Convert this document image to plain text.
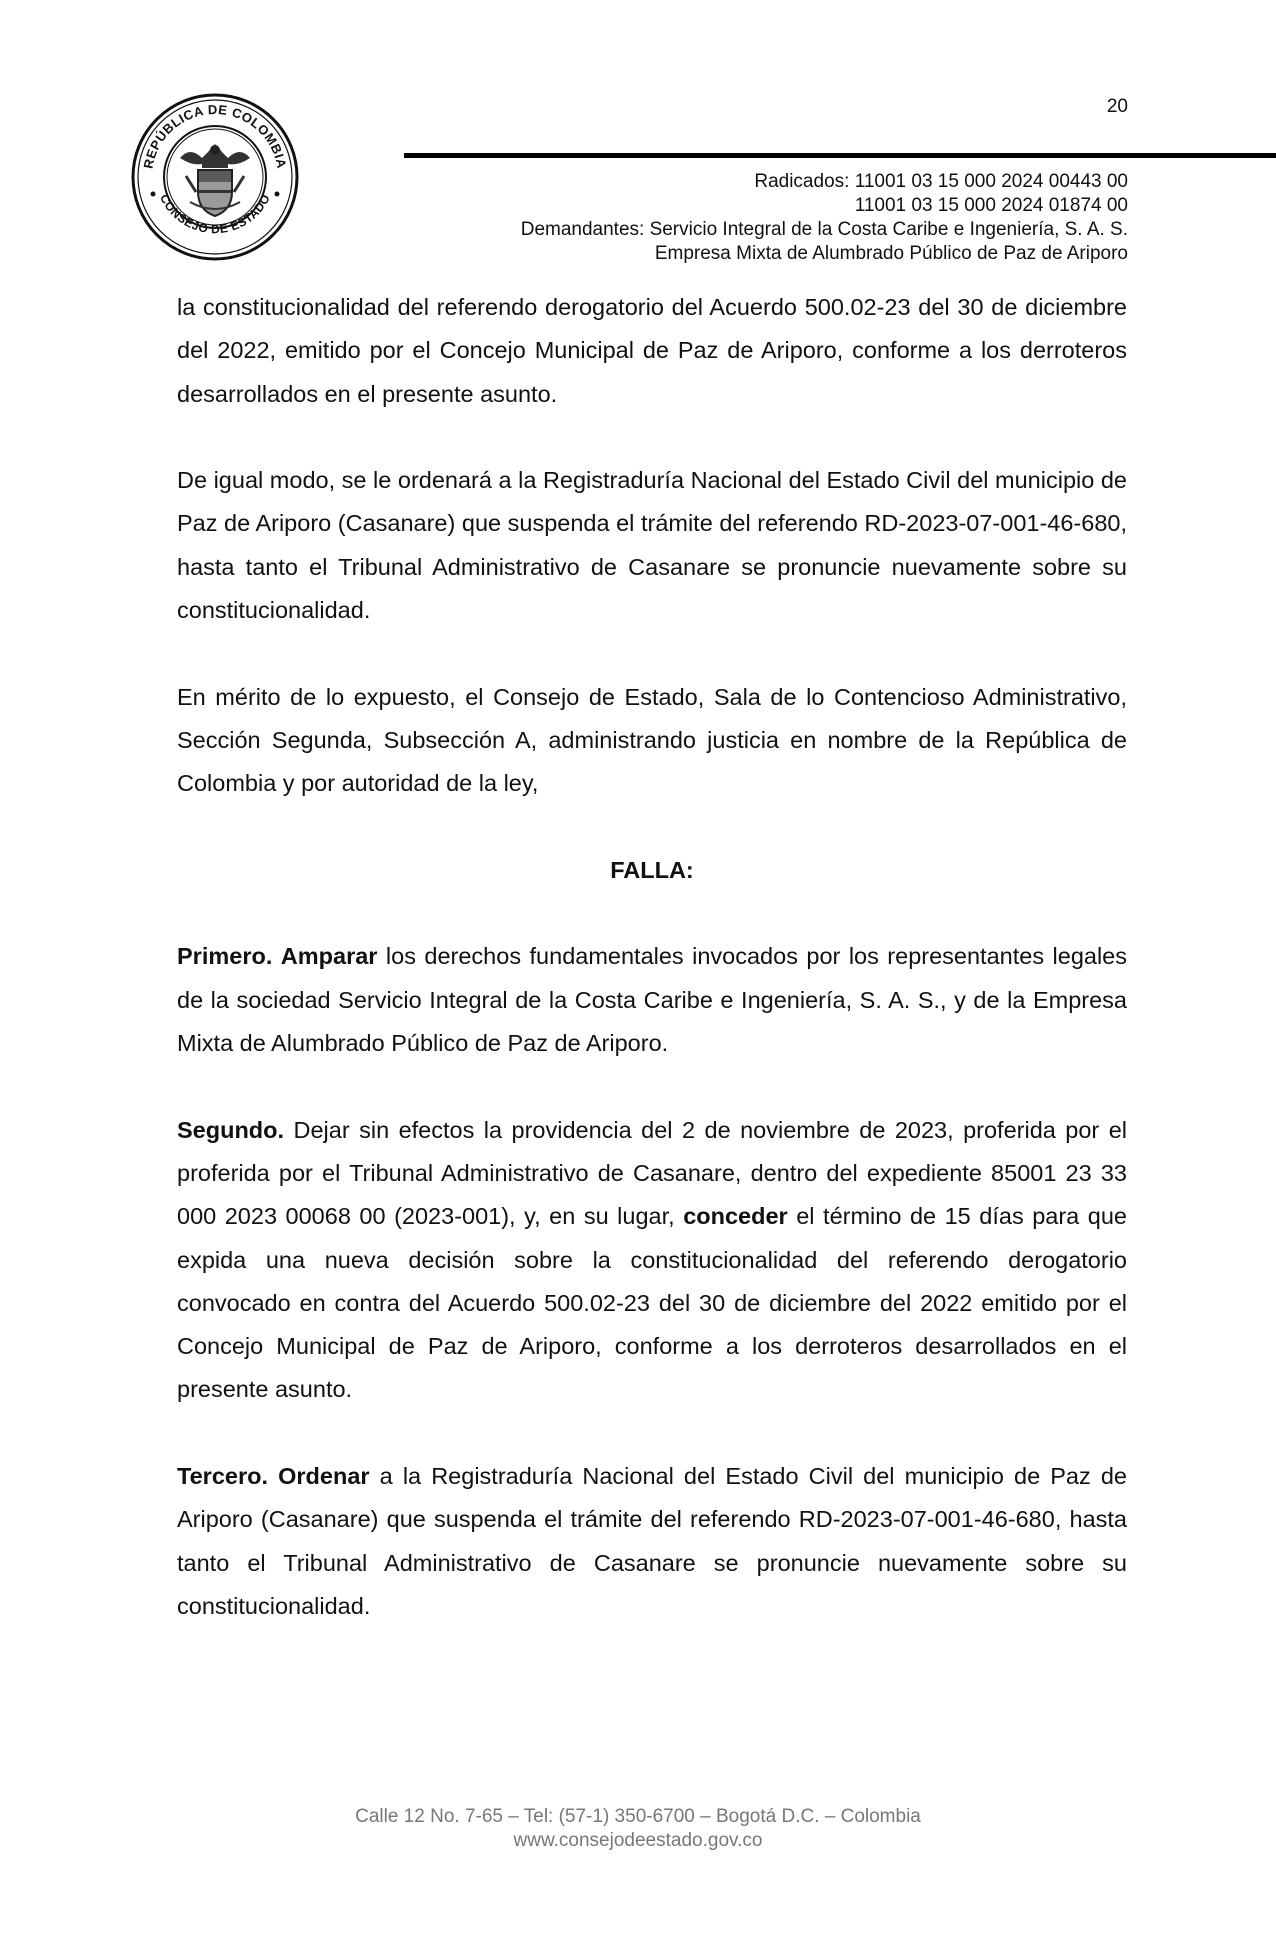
REPÚBLICA DE COLOMBIA
CONSEJO DE ESTADO
20
Radicados: 11001 03 15 000 2024 00443 00
11001 03 15 000 2024 01874 00
Demandantes: Servicio Integral de la Costa Caribe e Ingeniería, S. A. S.
Empresa Mixta de Alumbrado Público de Paz de Ariporo

la constitucionalidad del referendo derogatorio del Acuerdo 500.02-23 del 30 de diciembre del 2022, emitido por el Concejo Municipal de Paz de Ariporo, conforme a los derroteros desarrollados en el presente asunto.

De igual modo, se le ordenará a la Registraduría Nacional del Estado Civil del municipio de Paz de Ariporo (Casanare) que suspenda el trámite del referendo RD-2023-07-001-46-680, hasta tanto el Tribunal Administrativo de Casanare se pronuncie nuevamente sobre su constitucionalidad.

En mérito de lo expuesto, el Consejo de Estado, Sala de lo Contencioso Administrativo, Sección Segunda, Subsección A, administrando justicia en nombre de la República de Colombia y por autoridad de la ley,

FALLA:

Primero. Amparar los derechos fundamentales invocados por los representantes legales de la sociedad Servicio Integral de la Costa Caribe e Ingeniería, S. A. S., y de la Empresa Mixta de Alumbrado Público de Paz de Ariporo.

Segundo. Dejar sin efectos la providencia del 2 de noviembre de 2023, proferida por el proferida por el Tribunal Administrativo de Casanare, dentro del expediente 85001 23 33 000 2023 00068 00 (2023-001), y, en su lugar, conceder el término de 15 días para que expida una nueva decisión sobre la constitucionalidad del referendo derogatorio convocado en contra del Acuerdo 500.02-23 del 30 de diciembre del 2022 emitido por el Concejo Municipal de Paz de Ariporo, conforme a los derroteros desarrollados en el presente asunto.

Tercero. Ordenar a la Registraduría Nacional del Estado Civil del municipio de Paz de Ariporo (Casanare) que suspenda el trámite del referendo RD-2023-07-001-46-680, hasta tanto el Tribunal Administrativo de Casanare se pronuncie nuevamente sobre su constitucionalidad.

Calle 12 No. 7-65 – Tel: (57-1) 350-6700 – Bogotá D.C. – Colombia
www.consejodeestado.gov.co
